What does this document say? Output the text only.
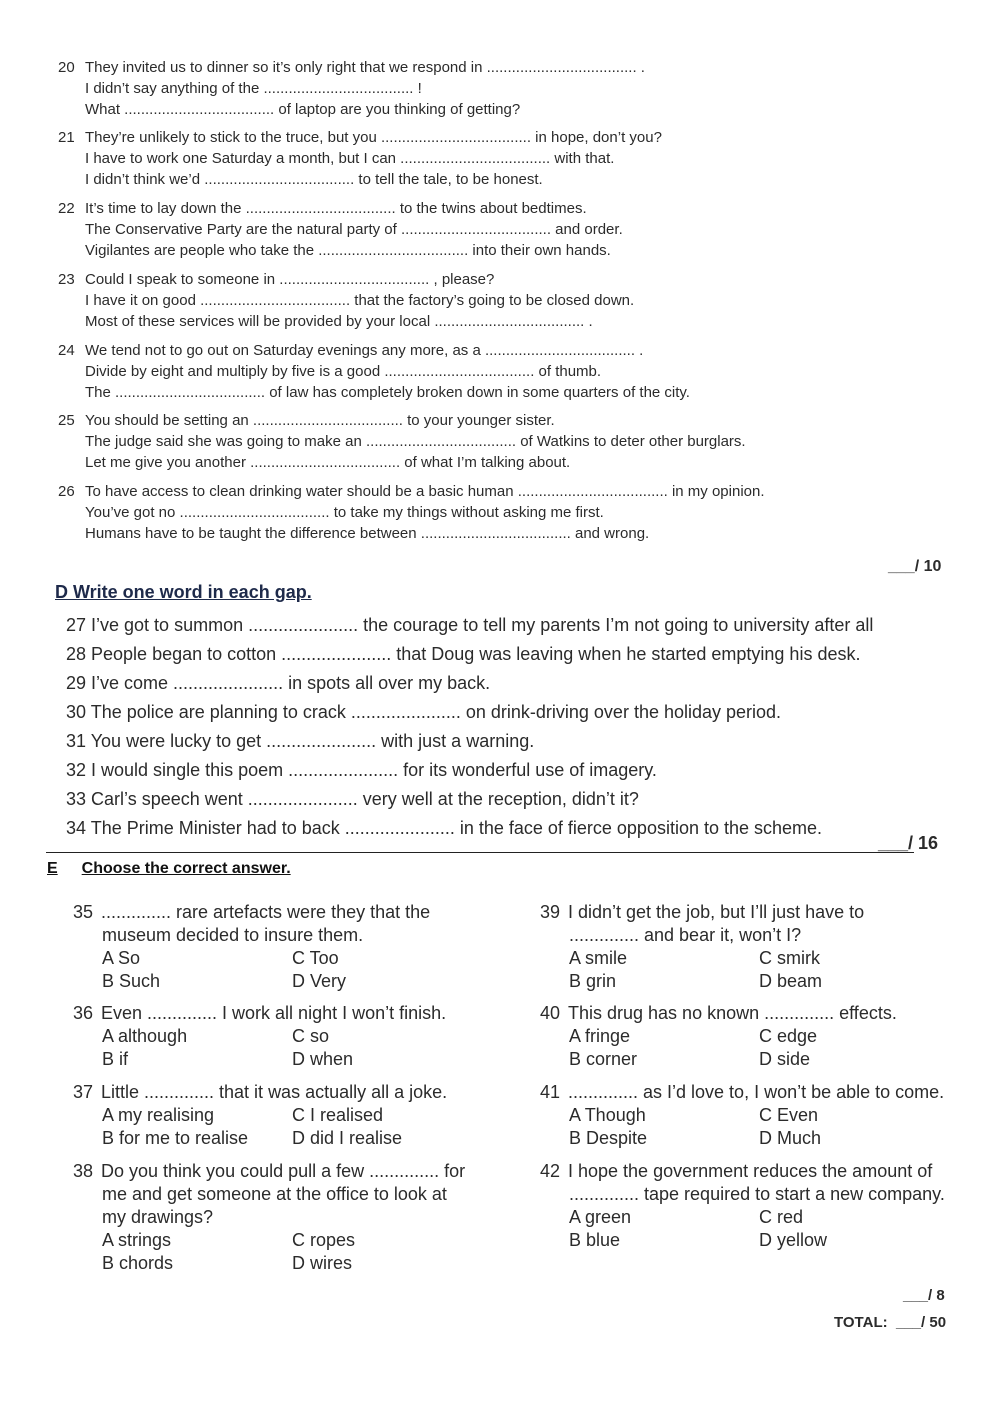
20 They invited us to dinner so it’s only right that we respond in .................................... .
I didn’t say anything of the .................................... !
What .................................... of laptop are you thinking of getting?
21 They’re unlikely to stick to the truce, but you .................................... in hope, don’t you?
I have to work one Saturday a month, but I can .................................... with that.
I didn’t think we’d .................................... to tell the tale, to be honest.
22 It’s time to lay down the .................................... to the twins about bedtimes.
The Conservative Party are the natural party of .................................... and order.
Vigilantes are people who take the .................................... into their own hands.
23 Could I speak to someone in .................................... , please?
I have it on good .................................... that the factory’s going to be closed down.
Most of these services will be provided by your local .................................... .
24 We tend not to go out on Saturday evenings any more, as a .................................... .
Divide by eight and multiply by five is a good .................................... of thumb.
The .................................... of law has completely broken down in some quarters of the city.
25 You should be setting an .................................... to your younger sister.
The judge said she was going to make an .................................... of Watkins to deter other burglars.
Let me give you another .................................... of what I’m talking about.
26 To have access to clean drinking water should be a basic human .................................... in my opinion.
You’ve got no .................................... to take my things without asking me first.
Humans have to be taught the difference between .................................... and wrong.
___/ 10
D Write one word in each gap.
27 I’ve got to summon ...................... the courage to tell my parents I’m not going to university after all
28 People began to cotton ...................... that Doug was leaving when he started emptying his desk.
29 I’ve come ...................... in spots all over my back.
30 The police are planning to crack ...................... on drink-driving over the holiday period.
31 You were lucky to get ...................... with just a warning.
32 I would single this poem ...................... for its wonderful use of imagery.
33 Carl’s speech went ...................... very well at the reception, didn’t it?
34 The Prime Minister had to back ...................... in the face of fierce opposition to the scheme.
___/ 16
E Choose the correct answer.
35 .............. rare artefacts were they that the
museum decided to insure them.
A So	C Too
B Such	D Very
36 Even .............. I work all night I won’t finish.
A although	C so
B if	D when
37 Little .............. that it was actually all a joke.
A my realising	C I realised
B for me to realise D did I realise
38 Do you think you could pull a few .............. for
me and get someone at the office to look at
my drawings?
A strings	C ropes
B chords	D wires
39 I didn’t get the job, but I’ll just have to
.............. and bear it, won’t I?
A smile	C smirk
B grin	D beam
40 This drug has no known .............. effects.
A fringe	C edge
B corner	D side
41 .............. as I’d love to, I won’t be able to come.
A Though	C Even
B Despite	D Much
42 I hope the government reduces the amount of
.............. tape required to start a new company.
A green	C red
B blue	D yellow
___/ 8
TOTAL: ___/ 50
